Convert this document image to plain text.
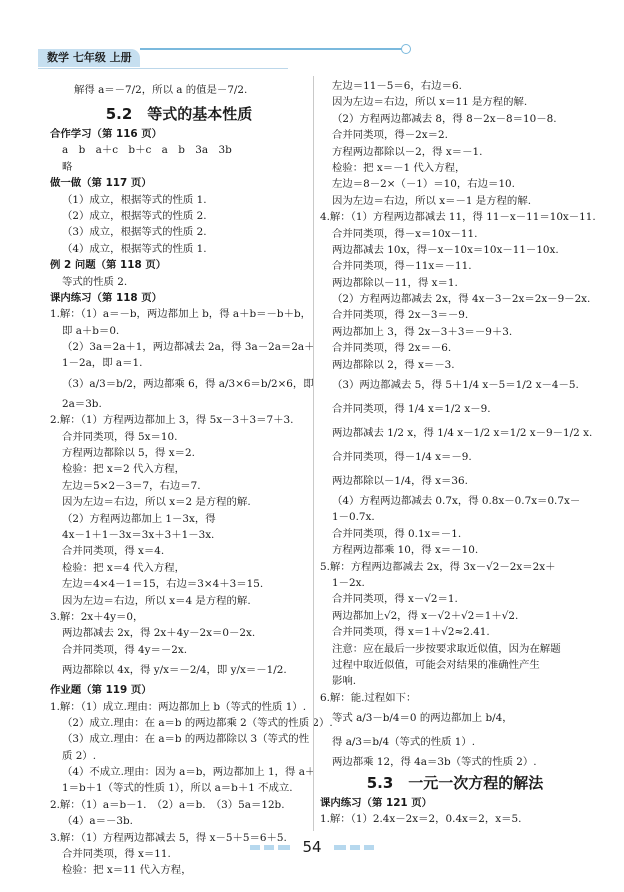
数学 七年级 上册
解得 a＝－7/2，所以 a 的值是－7/2.
5.2　等式的基本性质
合作学习（第 116 页）
a　b　a＋c　b＋c　a　b　3a　3b
略
做一做（第 117 页）
（1）成立，根据等式的性质 1.
（2）成立，根据等式的性质 2.
（3）成立，根据等式的性质 2.
（4）成立，根据等式的性质 1.
例 2 问题（第 118 页）
等式的性质 2.
课内练习（第 118 页）
1.解：（1）a＝－b，两边都加上 b，得 a＋b＝－b＋b，
即 a＋b＝0.
（2）3a＝2a＋1，两边都减去 2a，得 3a－2a＝2a＋
1－2a，即 a＝1.
（3）a/3＝b/2，两边都乘 6，得 a/3×6＝b/2×6，即
2a＝3b.
2.解：（1）方程两边都加上 3，得 5x－3＋3＝7＋3.
合并同类项，得 5x＝10.
方程两边都除以 5，得 x＝2.
检验：把 x＝2 代入方程，
左边＝5×2－3＝7，右边＝7.
因为左边＝右边，所以 x＝2 是方程的解.
（2）方程两边都加上 1－3x，得
4x－1＋1－3x＝3x＋3＋1－3x.
合并同类项，得 x＝4.
检验：把 x＝4 代入方程，
左边＝4×4－1＝15，右边＝3×4＋3＝15.
因为左边＝右边，所以 x＝4 是方程的解.
3.解：2x＋4y＝0，
两边都减去 2x，得 2x＋4y－2x＝0－2x.
合并同类项，得 4y＝－2x.
两边都除以 4x，得 y/x＝－2/4，即 y/x＝－1/2.
作业题（第 119 页）
1.解：（1）成立.理由：两边都加上 b（等式的性质 1）.
（2）成立.理由：在 a＝b 的两边都乘 2（等式的性质 2）.
（3）成立.理由：在 a＝b 的两边都除以 3（等式的性
质 2）.
（4）不成立.理由：因为 a＝b，两边都加上 1，得 a＋
1＝b＋1（等式的性质 1），所以 a＝b＋1 不成立.
2.解：（1）a＝b－1.　（2）a＝b.　（3）5a＝12b.
（4）a＝－3b.
3.解：（1）方程两边都减去 5，得 x－5＋5＝6＋5.
合并同类项，得 x＝11.
检验：把 x＝11 代入方程，
左边＝11－5＝6，右边＝6.
因为左边＝右边，所以 x＝11 是方程的解.
（2）方程两边都减去 8，得 8－2x－8＝10－8.
合并同类项，得－2x＝2.
方程两边都除以－2，得 x＝－1.
检验：把 x＝－1 代入方程，
左边＝8－2×（－1）＝10，右边＝10.
因为左边＝右边，所以 x＝－1 是方程的解.
4.解：（1）方程两边都减去 11，得 11－x－11＝10x－11.
合并同类项，得－x＝10x－11.
两边都减去 10x，得－x－10x＝10x－11－10x.
合并同类项，得－11x＝－11.
两边都除以－11，得 x＝1.
（2）方程两边都减去 2x，得 4x－3－2x＝2x－9－2x.
合并同类项，得 2x－3＝－9.
两边都加上 3，得 2x－3＋3＝－9＋3.
合并同类项，得 2x＝－6.
两边都除以 2，得 x＝－3.
（3）两边都减去 5，得 5＋1/4 x－5＝1/2 x－4－5.
合并同类项，得 1/4 x＝1/2 x－9.
两边都减去 1/2 x，得 1/4 x－1/2 x＝1/2 x－9－1/2 x.
合并同类项，得－1/4 x＝－9.
两边都除以－1/4，得 x＝36.
（4）方程两边都减去 0.7x，得 0.8x－0.7x＝0.7x－
1－0.7x.
合并同类项，得 0.1x＝－1.
方程两边都乘 10，得 x＝－10.
5.解：方程两边都减去 2x，得 3x－√2－2x＝2x＋
1－2x.
合并同类项，得 x－√2＝1.
两边都加上√2，得 x－√2＋√2＝1＋√2.
合并同类项，得 x＝1＋√2≈2.41.
注意：应在最后一步按要求取近似值，因为在解题
过程中取近似值，可能会对结果的准确性产生
影响.
6.解：能.过程如下：
等式 a/3－b/4＝0 的两边都加上 b/4，
得 a/3＝b/4（等式的性质 1）.
两边都乘 12，得 4a＝3b（等式的性质 2）.
5.3　一元一次方程的解法
课内练习（第 121 页）
1.解：（1）2.4x－2x＝2，0.4x＝2，x＝5.
54
